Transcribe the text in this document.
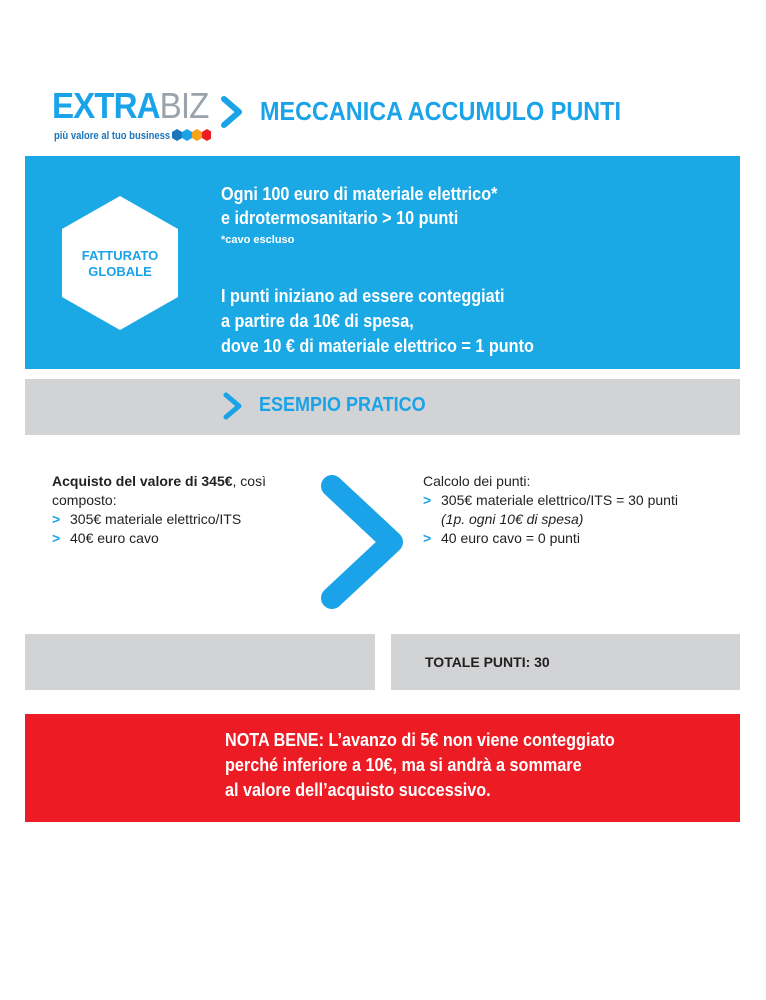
EXTRABIZ
più valore al tuo business
MECCANICA ACCUMULO PUNTI
FATTURATO
GLOBALE
Ogni 100 euro di materiale elettrico*
e idrotermosanitario > 10 punti
*cavo escluso
I punti iniziano ad essere conteggiati
a partire da 10€ di spesa,
dove 10 € di materiale elettrico = 1 punto
ESEMPIO PRATICO
Acquisto del valore di 345€, così
composto:
> 305€ materiale elettrico/ITS
> 40€ euro cavo
Calcolo dei punti:
> 305€ materiale elettrico/ITS = 30 punti
(1p. ogni 10€ di spesa)
> 40 euro cavo = 0 punti
TOTALE PUNTI: 30
NOTA BENE: L’avanzo di 5€ non viene conteggiato
perché inferiore a 10€, ma si andrà a sommare
al valore dell’acquisto successivo.
